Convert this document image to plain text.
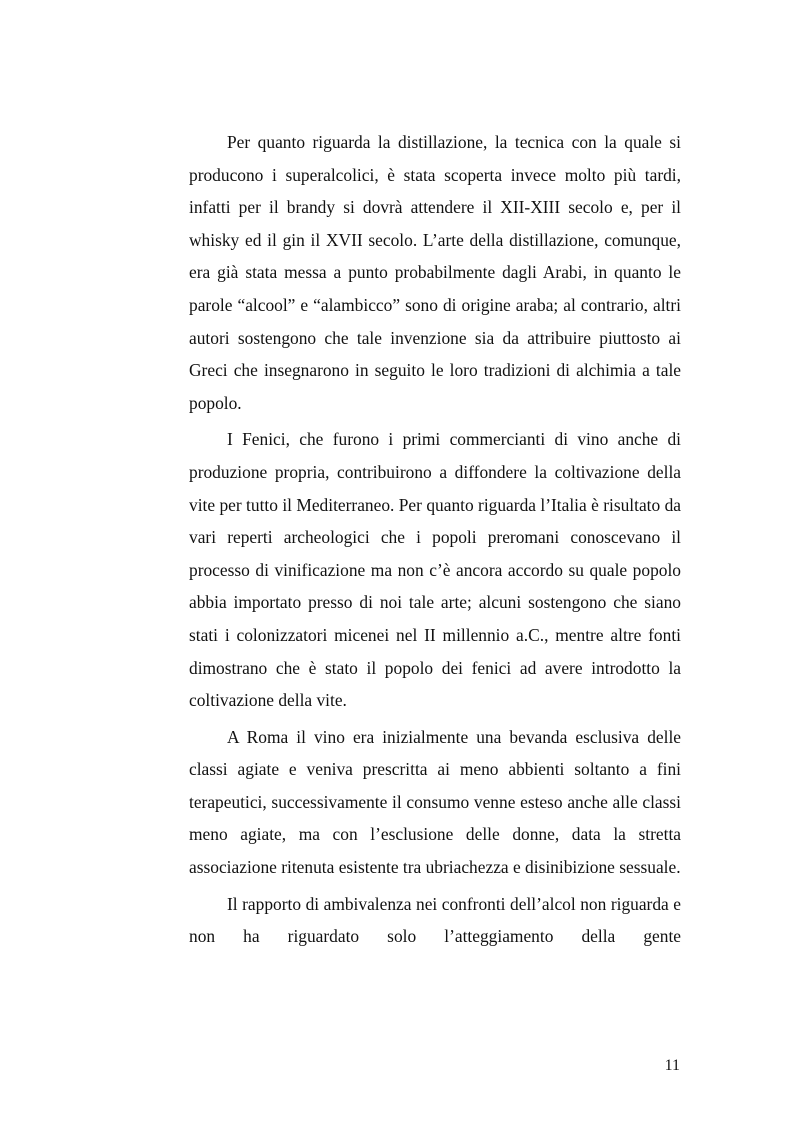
Per quanto riguarda la distillazione, la tecnica con la quale si producono i superalcolici, è stata scoperta invece molto più tardi, infatti per il brandy si dovrà attendere il XII-XIII secolo e, per il whisky ed il gin il XVII secolo. L’arte della distillazione, comunque, era già stata messa a punto probabilmente dagli Arabi, in quanto le parole “alcool” e “alambicco” sono di origine araba; al contrario, altri autori sostengono che tale invenzione sia da attribuire piuttosto ai Greci che insegnarono in seguito le loro tradizioni di alchimia a tale popolo.

I Fenici, che furono i primi commercianti di vino anche di produzione propria, contribuirono a diffondere la coltivazione della vite per tutto il Mediterraneo. Per quanto riguarda l’Italia è risultato da vari reperti archeologici che i popoli preromani conoscevano il processo di vinificazione ma non c’è ancora accordo su quale popolo abbia importato presso di noi tale arte; alcuni sostengono che siano stati i colonizzatori micenei nel II millennio a.C., mentre altre fonti dimostrano che è stato il popolo dei fenici ad avere introdotto la coltivazione della vite.

A Roma il vino era inizialmente una bevanda esclusiva delle classi agiate e veniva prescritta ai meno abbienti soltanto a fini terapeutici, successivamente il consumo venne esteso anche alle classi meno agiate, ma con l’esclusione delle donne, data la stretta associazione ritenuta esistente tra ubriachezza e disinibizione sessuale.

Il rapporto di ambivalenza nei confronti dell’alcol non riguarda e non ha riguardato solo l’atteggiamento della gente

11
